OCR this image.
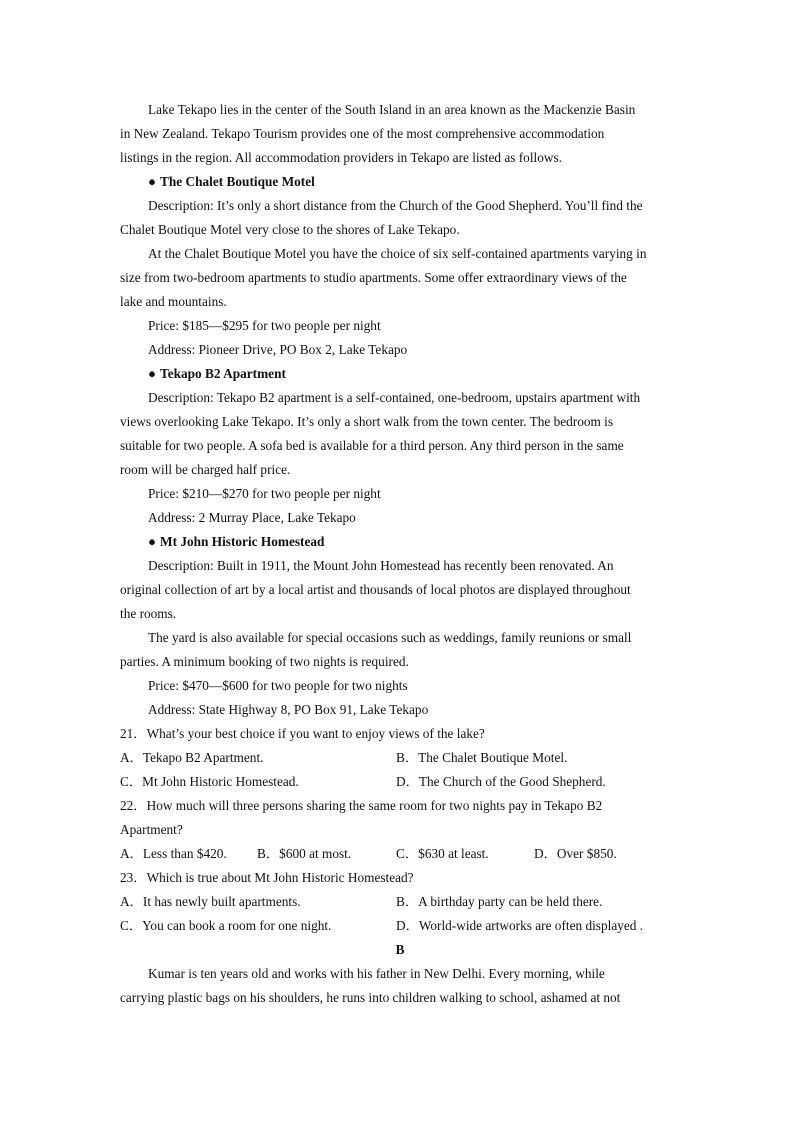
Lake Tekapo lies in the center of the South Island in an area known as the Mackenzie Basin

in New Zealand. Tekapo Tourism provides one of the most comprehensive accommodation

listings in the region. All accommodation providers in Tekapo are listed as follows.

● The Chalet Boutique Motel

Description: It’s only a short distance from the Church of the Good Shepherd. You’ll find the

Chalet Boutique Motel very close to the shores of Lake Tekapo.

At the Chalet Boutique Motel you have the choice of six self-contained apartments varying in

size from two-bedroom apartments to studio apartments. Some offer extraordinary views of the

lake and mountains.

Price: $185—$295 for two people per night

Address: Pioneer Drive, PO Box 2, Lake Tekapo

● Tekapo B2 Apartment

Description: Tekapo B2 apartment is a self-contained, one-bedroom, upstairs apartment with

views overlooking Lake Tekapo. It’s only a short walk from the town center. The bedroom is

suitable for two people. A sofa bed is available for a third person. Any third person in the same

room will be charged half price.

Price: $210—$270 for two people per night

Address: 2 Murray Place, Lake Tekapo

● Mt John Historic Homestead

Description: Built in 1911, the Mount John Homestead has recently been renovated. An

original collection of art by a local artist and thousands of local photos are displayed throughout

the rooms.

The yard is also available for special occasions such as weddings, family reunions or small

parties. A minimum booking of two nights is required.

Price: $470—$600 for two people for two nights

Address: State Highway 8, PO Box 91, Lake Tekapo

21．What’s your best choice if you want to enjoy views of the lake?

A．Tekapo B2 Apartment.	B．The Chalet Boutique Motel.
C．Mt John Historic Homestead.	D．The Church of the Good Shepherd.

22．How much will three persons sharing the same room for two nights pay in Tekapo B2

Apartment?

A．Less than $420.	B．$600 at most.	C．$630 at least.	D．Over $850.

23．Which is true about Mt John Historic Homestead?

A．It has newly built apartments.	B．A birthday party can be held there.
C．You can book a room for one night.	D．World-wide artworks are often displayed .

B

Kumar is ten years old and works with his father in New Delhi. Every morning, while

carrying plastic bags on his shoulders, he runs into children walking to school, ashamed at not
